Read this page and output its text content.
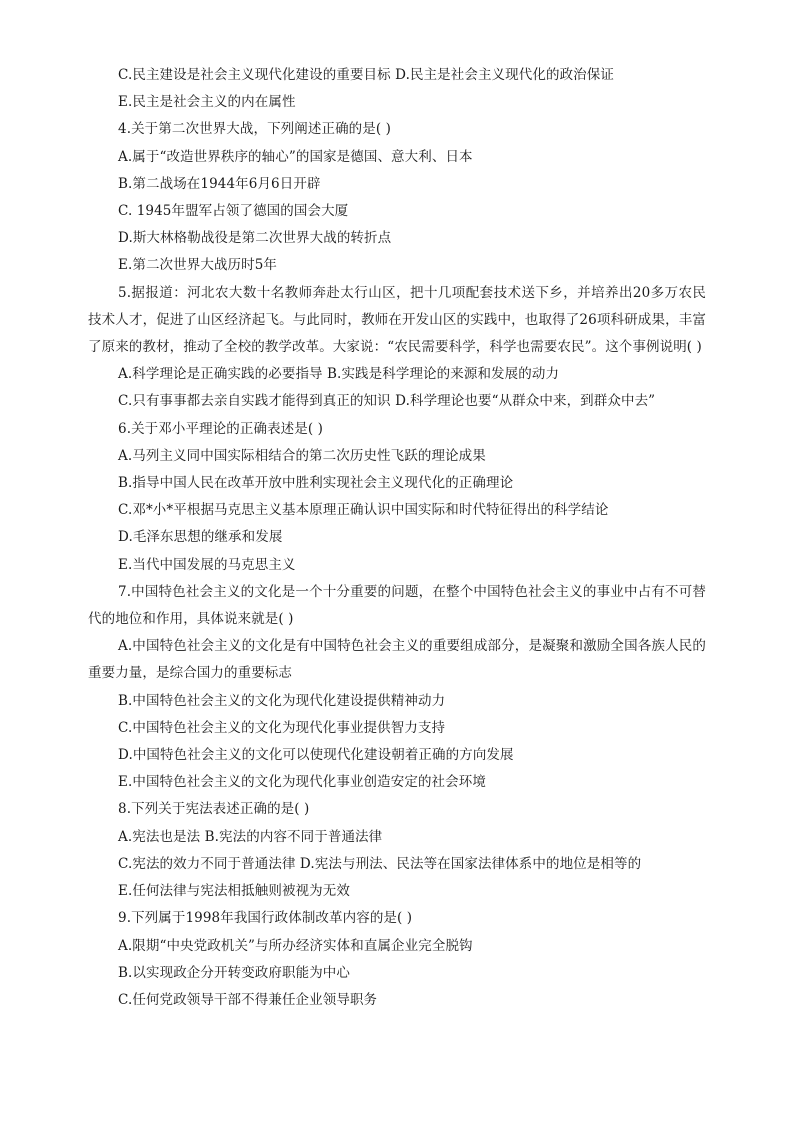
C.民主建设是社会主义现代化建设的重要目标 D.民主是社会主义现代化的政治保证
E.民主是社会主义的内在属性
4.关于第二次世界大战，下列阐述正确的是( )
A.属于“改造世界秩序的轴心”的国家是德国、意大利、日本
B.第二战场在1944年6月6日开辟
C. 1945年盟军占领了德国的国会大厦
D.斯大林格勒战役是第二次世界大战的转折点
E.第二次世界大战历时5年
5.据报道：河北农大数十名教师奔赴太行山区，把十几项配套技术送下乡，并培养出20多万农民技术人才，促进了山区经济起飞。与此同时，教师在开发山区的实践中，也取得了26项科研成果，丰富了原来的教材，推动了全校的教学改革。大家说：“农民需要科学，科学也需要农民”。这个事例说明( )
A.科学理论是正确实践的必要指导 B.实践是科学理论的来源和发展的动力
C.只有事事都去亲自实践才能得到真正的知识 D.科学理论也要“从群众中来，到群众中去”
6.关于邓小平理论的正确表述是( )
A.马列主义同中国实际相结合的第二次历史性飞跃的理论成果
B.指导中国人民在改革开放中胜利实现社会主义现代化的正确理论
C.邓*小*平根据马克思主义基本原理正确认识中国实际和时代特征得出的科学结论
D.毛泽东思想的继承和发展
E.当代中国发展的马克思主义
7.中国特色社会主义的文化是一个十分重要的问题，在整个中国特色社会主义的事业中占有不可替代的地位和作用，具体说来就是( )
A.中国特色社会主义的文化是有中国特色社会主义的重要组成部分，是凝聚和激励全国各族人民的重要力量，是综合国力的重要标志
B.中国特色社会主义的文化为现代化建设提供精神动力
C.中国特色社会主义的文化为现代化事业提供智力支持
D.中国特色社会主义的文化可以使现代化建设朝着正确的方向发展
E.中国特色社会主义的文化为现代化事业创造安定的社会环境
8.下列关于宪法表述正确的是( )
A.宪法也是法 B.宪法的内容不同于普通法律
C.宪法的效力不同于普通法律 D.宪法与刑法、民法等在国家法律体系中的地位是相等的
E.任何法律与宪法相抵触则被视为无效
9.下列属于1998年我国行政体制改革内容的是( )
A.限期“中央党政机关”与所办经济实体和直属企业完全脱钩
B.以实现政企分开转变政府职能为中心
C.任何党政领导干部不得兼任企业领导职务
